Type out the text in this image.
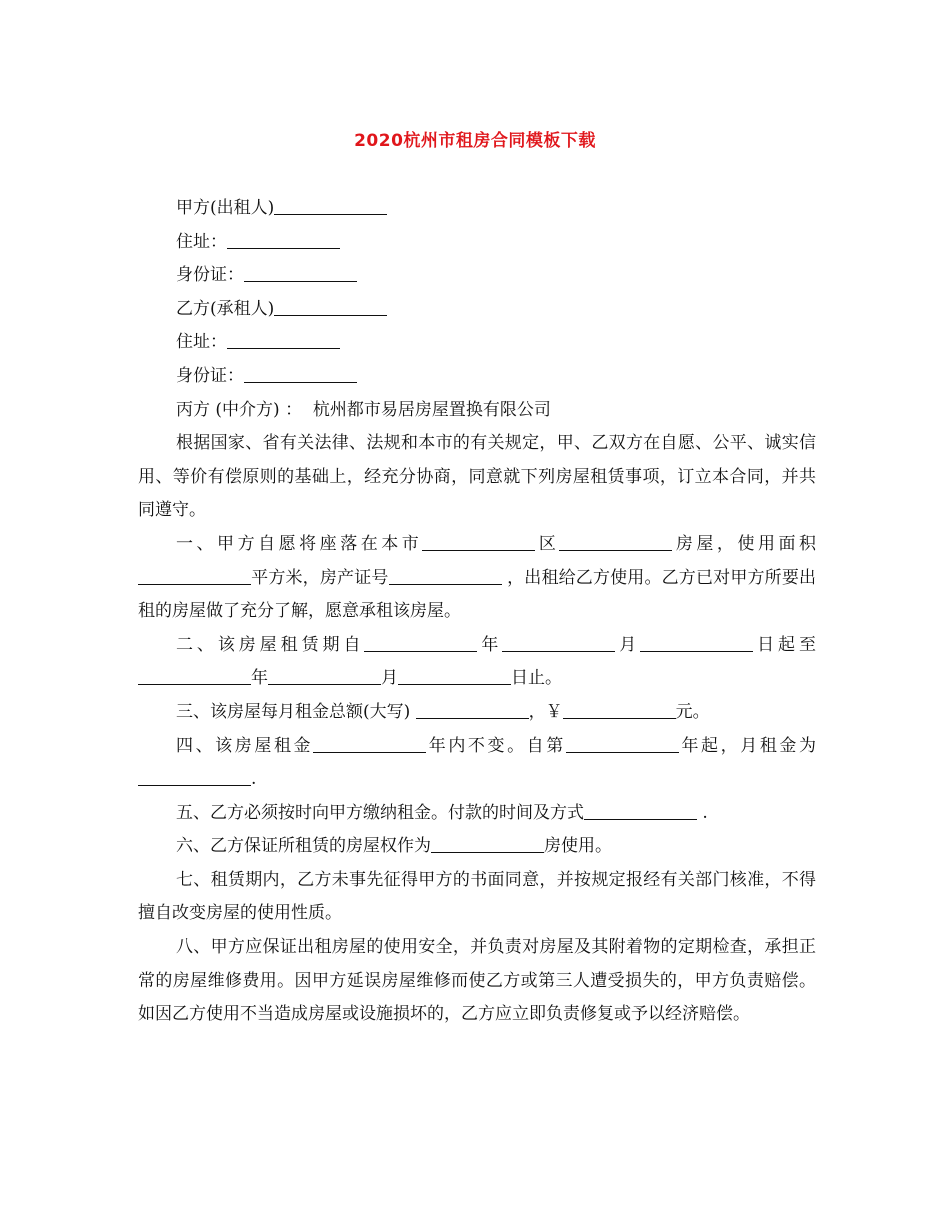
2020杭州市租房合同模板下载
甲方(出租人)
住址：
身份证：
乙方(承租人)
住址：
身份证：
丙方 (中介方) ： 杭州都市易居房屋置换有限公司
根据国家、省有关法律、法规和本市的有关规定，甲、乙双方在自愿、公平、诚实信用、等价有偿原则的基础上，经充分协商，同意就下列房屋租赁事项，订立本合同，并共同遵守。
一、甲方自愿将座落在本市	区	房屋，使用面积 平方米，房产证号	，出租给乙方使用。乙方已对甲方所要出租的房屋做了充分了解，愿意承租该房屋。
二、该房屋租赁期自	年	月	日起至年	月	日止。
三、该房屋每月租金总额(大写)	，￥	元。
四、该房屋租金	年内不变。自第	年起，月租金为.
五、乙方必须按时向甲方缴纳租金。付款的时间及方式	.
六、乙方保证所租赁的房屋权作为	房使用。
七、租赁期内，乙方未事先征得甲方的书面同意，并按规定报经有关部门核准，不得擅自改变房屋的使用性质。
八、甲方应保证出租房屋的使用安全，并负责对房屋及其附着物的定期检查，承担正常的房屋维修费用。因甲方延误房屋维修而使乙方或第三人遭受损失的，甲方负责赔偿。如因乙方使用不当造成房屋或设施损坏的，乙方应立即负责修复或予以经济赔偿。
